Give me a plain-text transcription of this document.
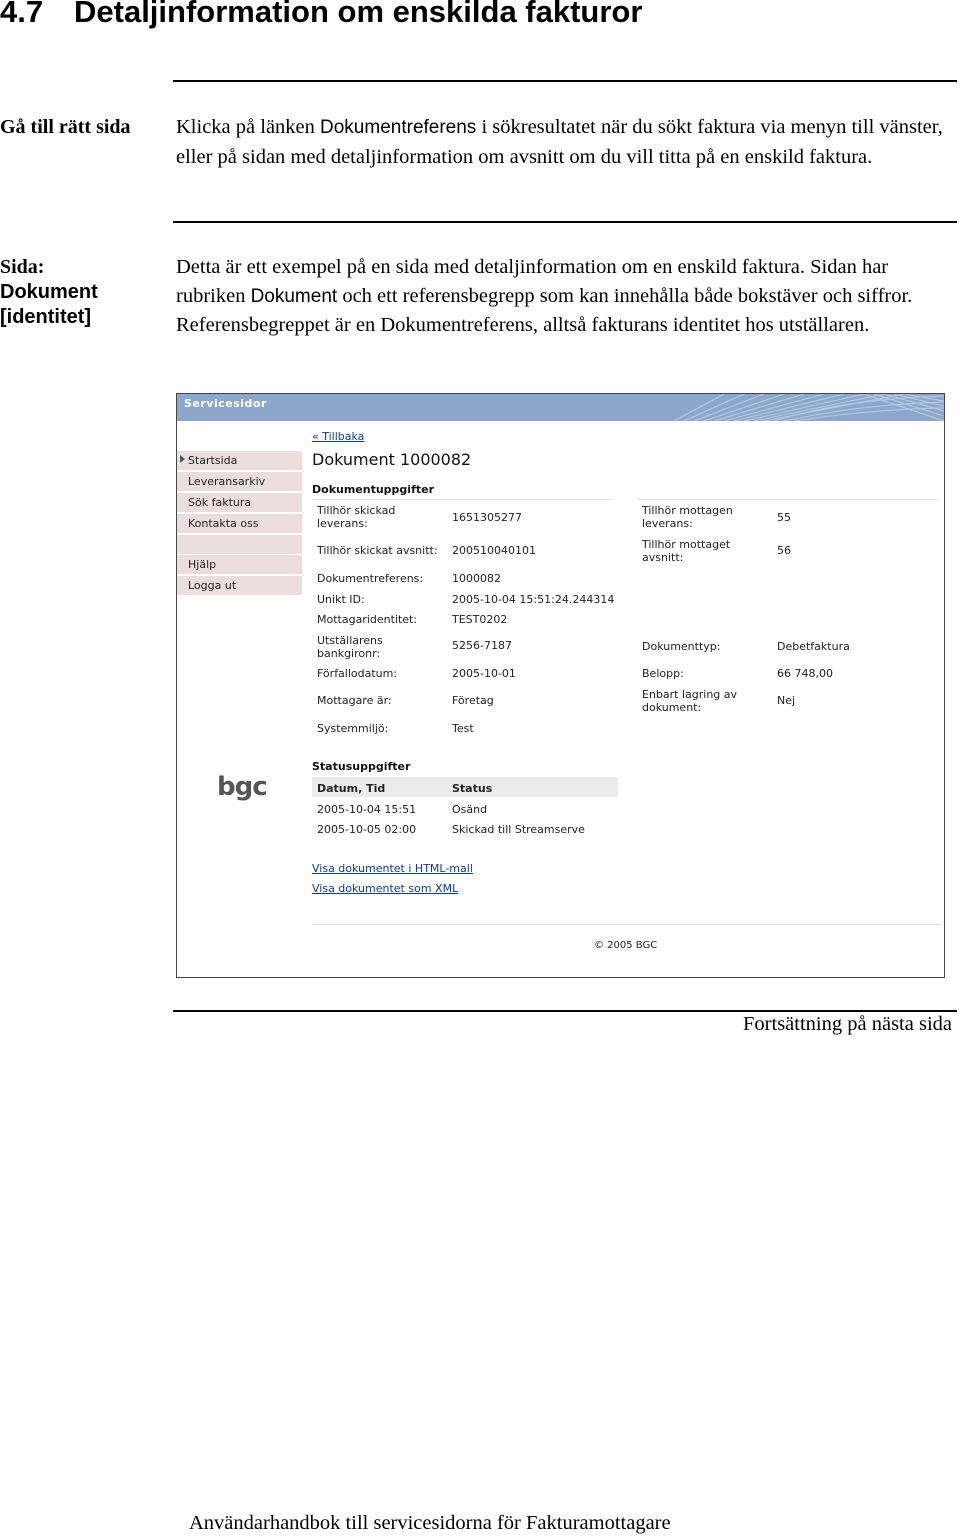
4.7 Detaljinformation om enskilda fakturor
Gå till rätt sida Klicka på länken Dokumentreferens i sökresultatet när du sökt faktura via menyn till vänster, eller på sidan med detaljinformation om avsnitt om du vill titta på en enskild faktura.
Sida:
Dokument
[identitet]
Detta är ett exempel på en sida med detaljinformation om en enskild faktura. Sidan har rubriken Dokument och ett referensbegrepp som kan innehålla både bokstäver och siffror. Referensbegreppet är en Dokumentreferens, alltså fakturans identitet hos utställaren.
Servicesidor
Startsida
Leveransarkiv
Sök faktura
Kontakta oss
Hjälp
Logga ut
bgc
« Tillbaka
Dokument 1000082
Dokumentuppgifter
Tillhör skickad leverans:	1651305277
Tillhör skickat avsnitt: 200510040101
Dokumentreferens:	1000082
Unikt ID:	2005-10-04 15:51:24.244314
Mottagaridentitet:	TEST0202
Utställarens bankgironr:
5256-7187
Förfallodatum:	2005-10-01
Mottagare är:	Företag
Systemmiljö:	Test
Tillhör mottagen leverans:	55
Tillhör mottaget avsnitt:
56
Dokumenttyp:	Debetfaktura
Belopp:	66 748,00
Enbart lagring av dokument:
Nej
Statusuppgifter
Datum, Tid	Status
2005-10-04 15:51	Osänd
2005-10-05 02:00	Skickad till Streamserve
Visa dokumentet i HTML-mall
Visa dokumentet som XML
© 2005 BGC
Fortsättning på nästa sida
Användarhandbok till servicesidorna för Fakturamottagare
